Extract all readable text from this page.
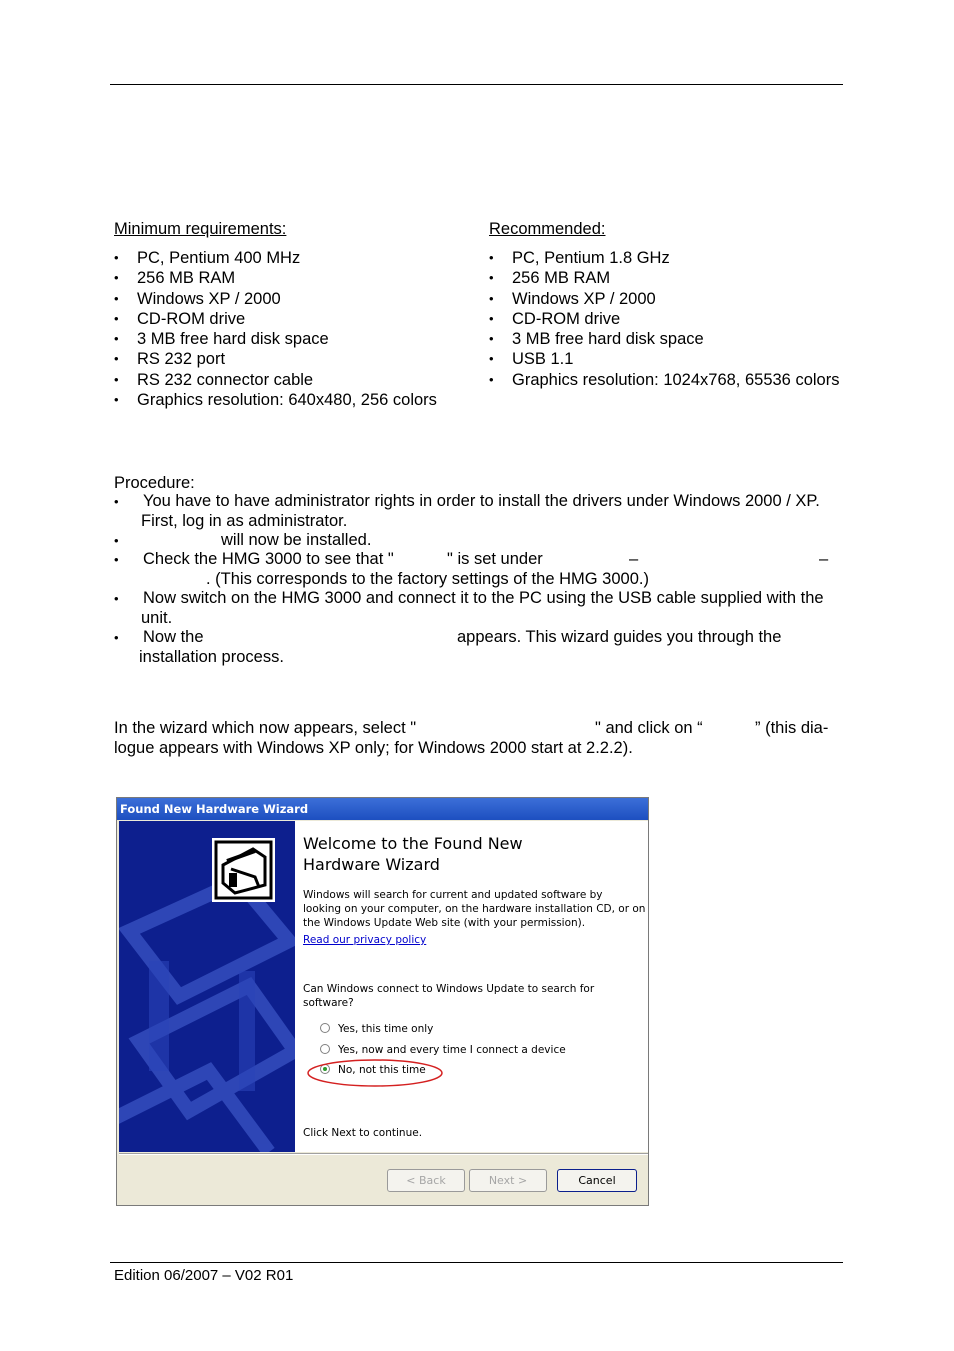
Minimum requirements:
• PC, Pentium 400 MHz
• 256 MB RAM
• Windows XP / 2000
• CD-ROM drive
• 3 MB free hard disk space
• RS 232 port
• RS 232 connector cable
• Graphics resolution: 640x480, 256 colors
Recommended:
• PC, Pentium 1.8 GHz
• 256 MB RAM
• Windows XP / 2000
• CD-ROM drive
• 3 MB free hard disk space
• USB 1.1
• Graphics resolution: 1024x768, 65536 colors
Procedure:
• You have to have administrator rights in order to install the drivers under Windows 2000 / XP. First, log in as administrator.
•	will now be installed.
• Check the HMG 3000 to see that "	" is set under	–	–
. (This corresponds to the factory settings of the HMG 3000.)
• Now switch on the HMG 3000 and connect it to the PC using the USB cable supplied with the unit.
• Now the	appears. This wizard guides you through the installation process.
In the wizard which now appears, select "	" and click on “	” (this dia-
logue appears with Windows XP only; for Windows 2000 start at 2.2.2).
Found New Hardware Wizard
Welcome to the Found New
Hardware Wizard
Windows will search for current and updated software by
looking on your computer, on the hardware installation CD, or on
the Windows Update Web site (with your permission).
Read our privacy policy
Can Windows connect to Windows Update to search for
software?
Yes, this time only
Yes, now and every time I connect a device
No, not this time
Click Next to continue.
< Back	Next >	Cancel
Edition 06/2007 – V02 R01
